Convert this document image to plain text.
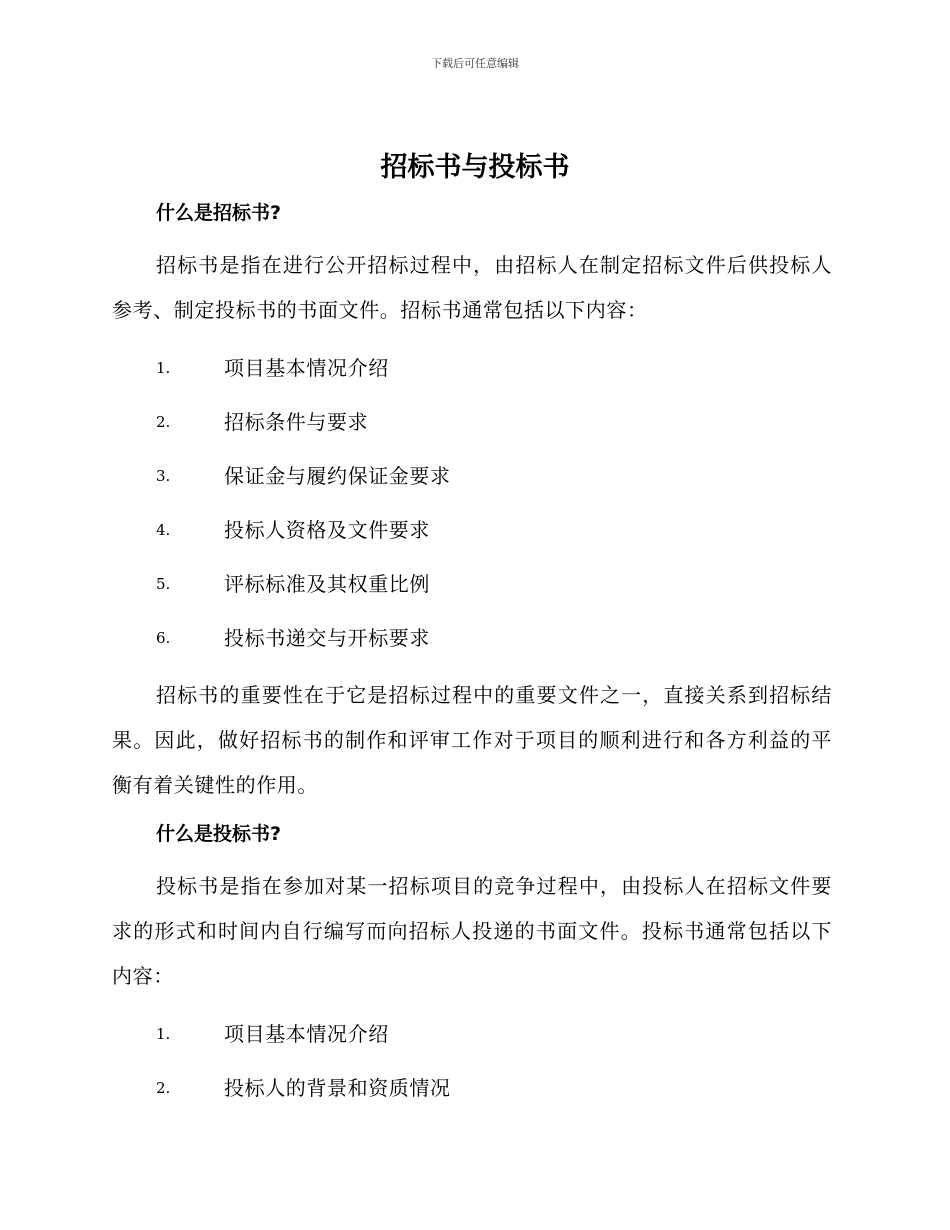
下载后可任意编辑
招标书与投标书
什么是招标书?

招标书是指在进行公开招标过程中，由招标人在制定招标文件后供投标人参考、制定投标书的书面文件。招标书通常包括以下内容：

1.	项目基本情况介绍
2.	招标条件与要求
3.	保证金与履约保证金要求
4.	投标人资格及文件要求
5.	评标标准及其权重比例
6.	投标书递交与开标要求

招标书的重要性在于它是招标过程中的重要文件之一，直接关系到招标结果。因此，做好招标书的制作和评审工作对于项目的顺利进行和各方利益的平衡有着关键性的作用。

什么是投标书?

投标书是指在参加对某一招标项目的竞争过程中，由投标人在招标文件要求的形式和时间内自行编写而向招标人投递的书面文件。投标书通常包括以下内容：

1.	项目基本情况介绍
2.	投标人的背景和资质情况
